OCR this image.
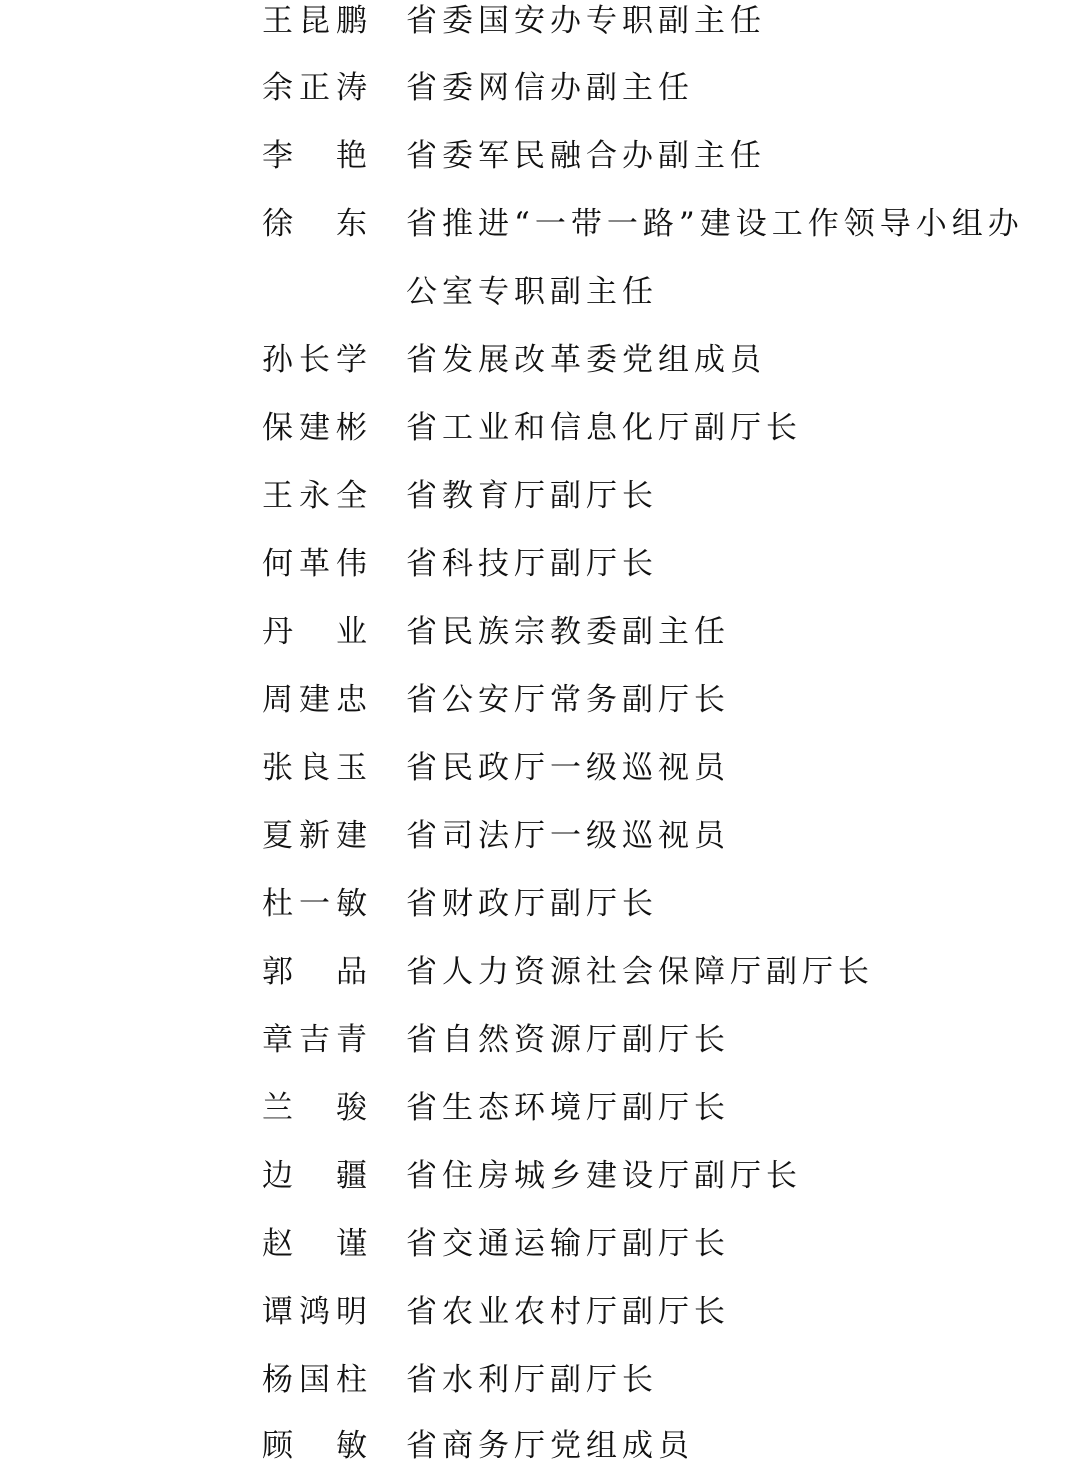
王昆鹏 省委国安办专职副主任
余正涛 省委网信办副主任
李　艳 省委军民融合办副主任
徐　东 省推进“一带一路”建设工作领导小组办
公室专职副主任
孙长学 省发展改革委党组成员
保建彬 省工业和信息化厅副厅长
王永全 省教育厅副厅长
何革伟 省科技厅副厅长
丹　业 省民族宗教委副主任
周建忠 省公安厅常务副厅长
张良玉 省民政厅一级巡视员
夏新建 省司法厅一级巡视员
杜一敏 省财政厅副厅长
郭　品 省人力资源社会保障厅副厅长
章吉青 省自然资源厅副厅长
兰　骏 省生态环境厅副厅长
边　疆 省住房城乡建设厅副厅长
赵　谨 省交通运输厅副厅长
谭鸿明 省农业农村厅副厅长
杨国柱 省水利厅副厅长
顾　敏 省商务厅党组成员
